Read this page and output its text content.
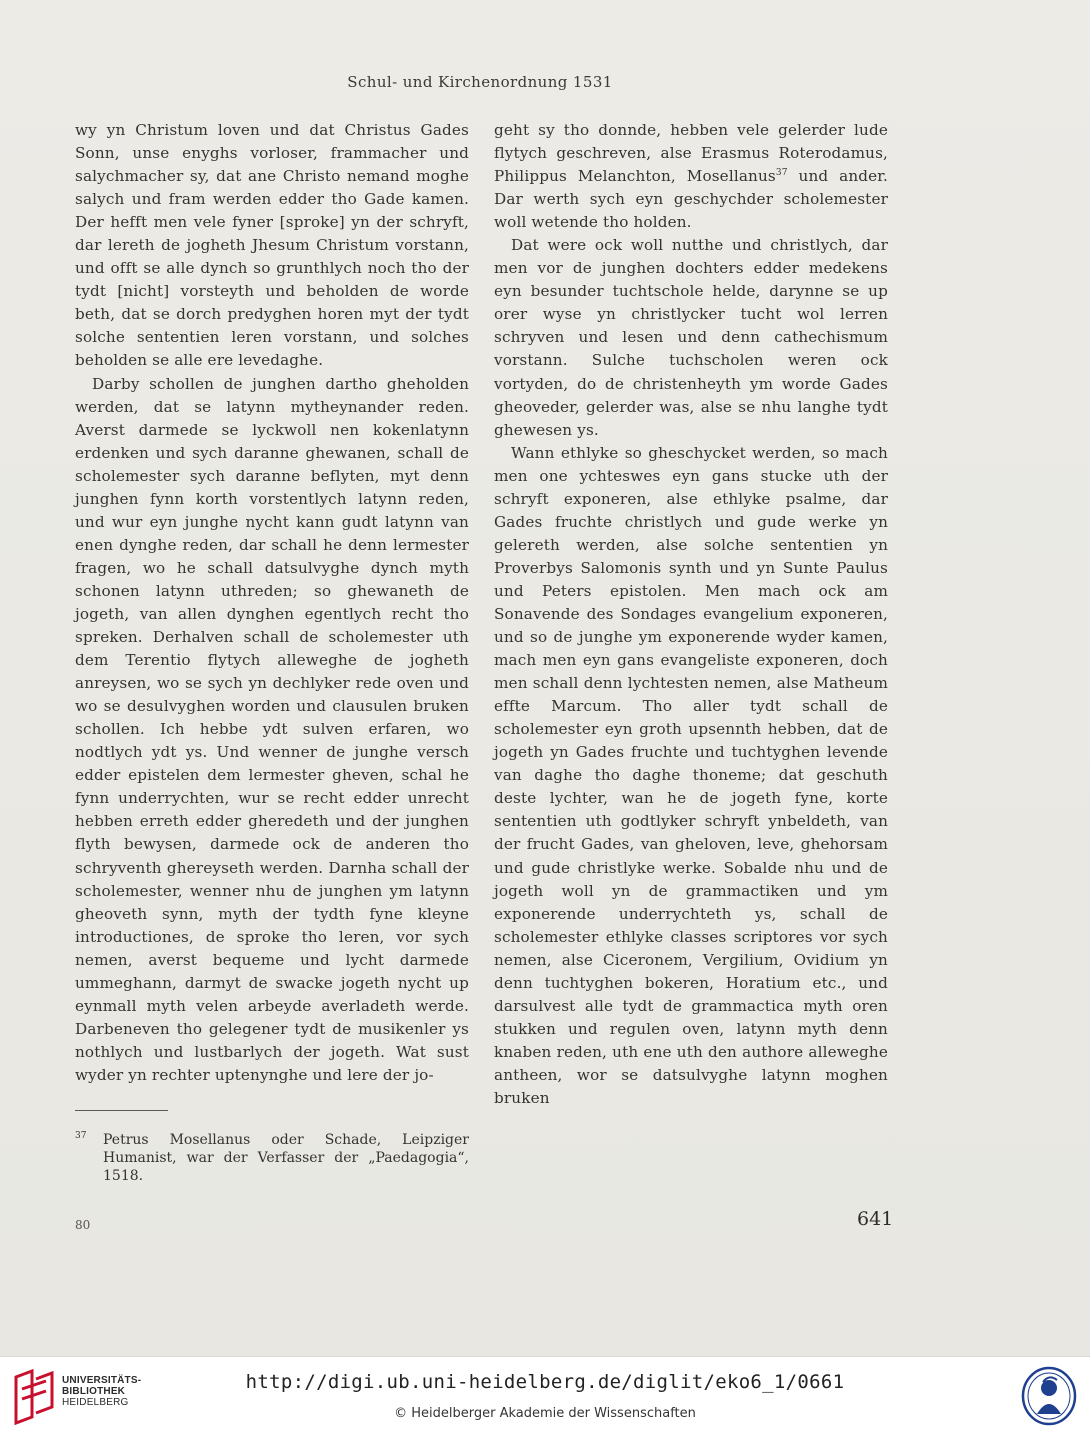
Schul- und Kirchenordnung 1531

wy yn Christum loven und dat Christus Gades Sonn, unse enyghs vorloser, frammacher und salychmacher sy, dat ane Christo nemand moghe salych und fram werden edder tho Gade kamen. Der hefft men vele fyner [sproke] yn der schryft, dar lereth de jogheth Jhesum Christum vorstann, und offt se alle dynch so grunthlych noch tho der tydt [nicht] vorsteyth und beholden de worde beth, dat se dorch predyghen horen myt der tydt solche sententien leren vorstann, und solches beholden se alle ere levedaghe.

Darby schollen de junghen dartho gheholden werden, dat se latynn mytheynander reden. Averst darmede se lyckwoll nen kokenlatynn erdenken und sych daranne ghewanen, schall de scholemester sych daranne beflyten, myt denn junghen fynn korth vorstentlych latynn reden, und wur eyn junghe nycht kann gudt latynn van enen dynghe reden, dar schall he denn lermester fragen, wo he schall datsulvyghe dynch myth schonen latynn uthreden; so ghewaneth de jogeth, van allen dynghen egentlych recht tho spreken. Derhalven schall de scholemester uth dem Terentio flytych alleweghe de jogheth anreysen, wo se sych yn dechlyker rede oven und wo se desulvyghen worden und clausulen bruken schollen. Ich hebbe ydt sulven erfaren, wo nodtlych ydt ys. Und wenner de junghe versch edder epistelen dem lermester gheven, schal he fynn underrychten, wur se recht edder unrecht hebben erreth edder gheredeth und der junghen flyth bewysen, darmede ock de anderen tho schryventh ghereyseth werden. Darnha schall der scholemester, wenner nhu de junghen ym latynn gheoveth synn, myth der tydth fyne kleyne introductiones, de sproke tho leren, vor sych nemen, averst bequeme und lycht darmede ummeghann, darmyt de swacke jogeth nycht up eynmall myth velen arbeyde averladeth werde. Darbeneven tho gelegener tydt de musikenler ys nothlych und lustbarlych der jogeth. Wat sust wyder yn rechter uptenynghe und lere der jo-

geht sy tho donnde, hebben vele gelerder lude flytych geschreven, alse Erasmus Roterodamus, Philippus Melanchton, Mosellanus$^{37}$ und ander. Dar werth sych eyn geschychder scholemester woll wetende tho holden.

Dat were ock woll nutthe und christlych, dar men vor de junghen dochters edder medekens eyn besunder tuchtschole helde, darynne se up orer wyse yn christlycker tucht wol lerren schryven und lesen und denn cathechismum vorstann. Sulche tuchscholen weren ock vortyden, do de christenheyth ym worde Gades gheoveder, gelerder was, alse se nhu langhe tydt ghewesen ys.

Wann ethlyke so gheschycket werden, so mach men one ychteswes eyn gans stucke uth der schryft exponeren, alse ethlyke psalme, dar Gades fruchte christlych und gude werke yn gelereth werden, alse solche sententien yn Proverbys Salomonis synth und yn Sunte Paulus und Peters epistolen. Men mach ock am Sonavende des Sondages evangelium exponeren, und so de junghe ym exponerende wyder kamen, mach men eyn gans evangeliste exponeren, doch men schall denn lychtesten nemen, alse Matheum effte Marcum. Tho aller tydt schall de scholemester eyn groth upsennth hebben, dat de jogeth yn Gades fruchte und tuchtyghen levende van daghe tho daghe thoneme; dat geschuth deste lychter, wan he de jogeth fyne, korte sententien uth godtlyker schryft ynbeldeth, van der frucht Gades, van gheloven, leve, ghehorsam und gude christlyke werke. Sobalde nhu und de jogeth woll yn de grammactiken und ym exponerende underrychteth ys, schall de scholemester ethlyke classes scriptores vor sych nemen, alse Ciceronem, Vergilium, Ovidium yn denn tuchtyghen bokeren, Horatium etc., und darsulvest alle tydt de grammactica myth oren stukken und regulen oven, latynn myth denn knaben reden, uth ene uth den authore alleweghe antheen, wor se datsulvyghe latynn moghen bruken

$^{37}$ Petrus Mosellanus oder Schade, Leipziger Humanist, war der Verfasser der „Paedagogia“, 1518.
80	641
UNIVERSITÄTS-
BIBLIOTHEK
HEIDELBERG
http://digi.ub.uni-heidelberg.de/diglit/eko6_1/0661
© Heidelberger Akademie der Wissenschaften
